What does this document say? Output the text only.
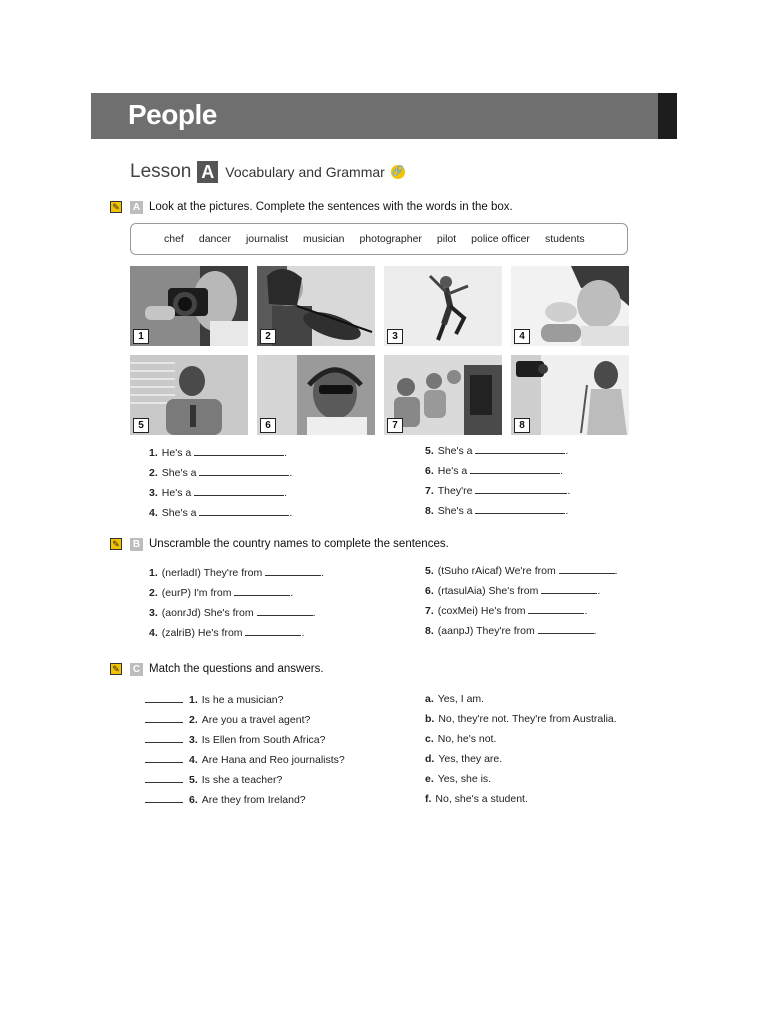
People
Lesson A Vocabulary and Grammar 🔗
✎ A Look at the pictures. Complete the sentences with the words in the box.
chef dancer journalist musician photographer pilot police officer students
1	2	3	4
5	6	7	8
1. He's a	.
2. She's a	.
3. He's a	.
4. She's a	.
5. She's a	.
6. He's a	.
7. They're	.
8. She's a	.
✎ B Unscramble the country names to complete the sentences.
1. (nerladI) They're from	.
2. (eurP) I'm from	.
3. (aonrJd) She's from	.
4. (zalriB) He's from	.
5. (tSuho rAicaf) We're from	.
6. (rtasulAia) She's from	.
7. (coxMei) He's from	.
8. (aanpJ) They're from	.
✎ C Match the questions and answers.
1. Is he a musician?
2. Are you a travel agent?
3. Is Ellen from South Africa?
4. Are Hana and Reo journalists?
5. Is she a teacher?
6. Are they from Ireland?
a. Yes, I am.
b. No, they're not. They're from Australia.
c. No, he's not.
d. Yes, they are.
e. Yes, she is.
f. No, she's a student.
